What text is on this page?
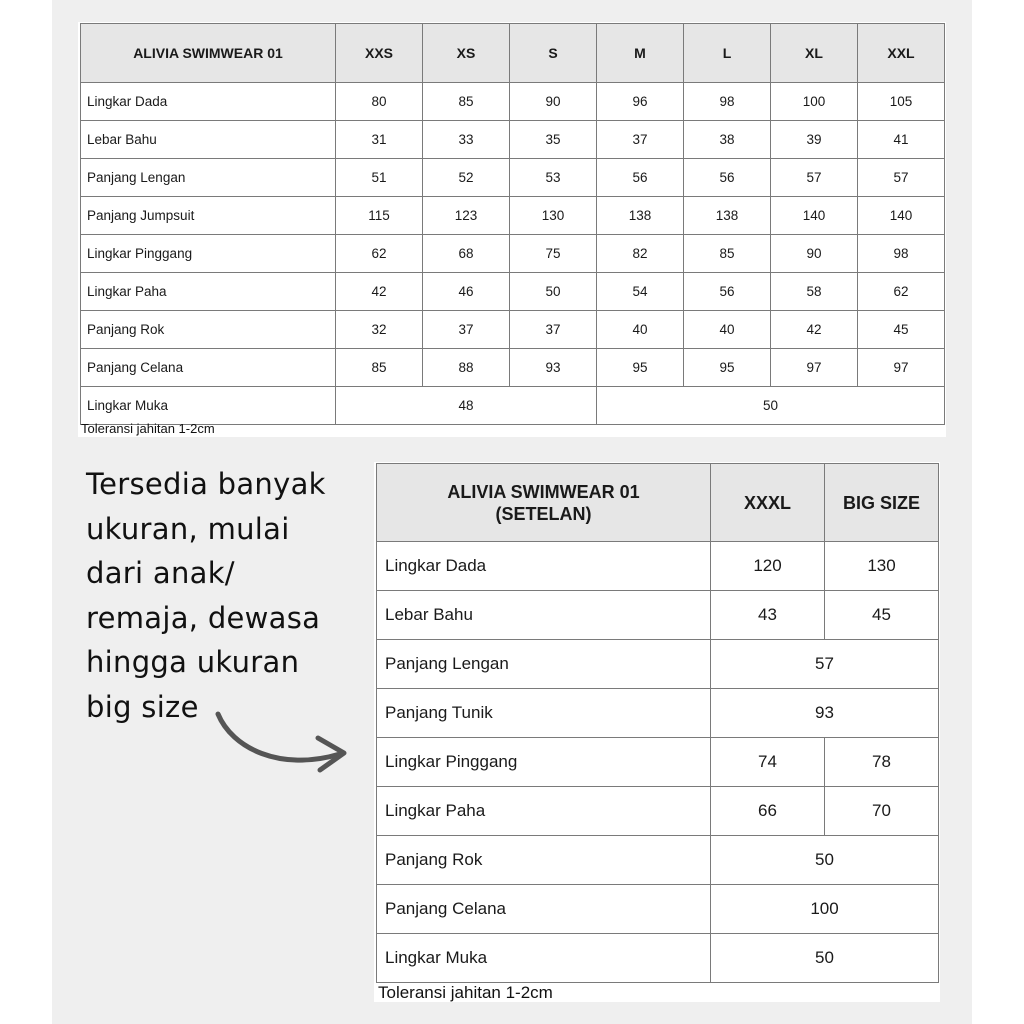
ALIVIA SWIMWEAR 01	XXS	XS	S	M	L	XL	XXL
Lingkar Dada	80	85	90	96	98	100	105
Lebar Bahu	31	33	35	37	38	39	41
Panjang Lengan	51	52	53	56	56	57	57
Panjang Jumpsuit	115	123	130	138	138	140	140
Lingkar Pinggang	62	68	75	82	85	90	98
Lingkar Paha	42	46	50	54	56	58	62
Panjang Rok	32	37	37	40	40	42	45
Panjang Celana	85	88	93	95	95	97	97
Lingkar Muka	48			50			
Toleransi jahitan 1-2cm
Tersedia banyak
ukuran, mulai
dari anak/
remaja, dewasa
hingga ukuran
big size
ALIVIA SWIMWEAR 01
(SETELAN)	XXXL	BIG SIZE
Lingkar Dada	120	130
Lebar Bahu	43	45
Panjang Lengan	57	
Panjang Tunik	93	
Lingkar Pinggang	74	78
Lingkar Paha	66	70
Panjang Rok	50	
Panjang Celana	100	
Lingkar Muka	50	
Toleransi jahitan 1-2cm
